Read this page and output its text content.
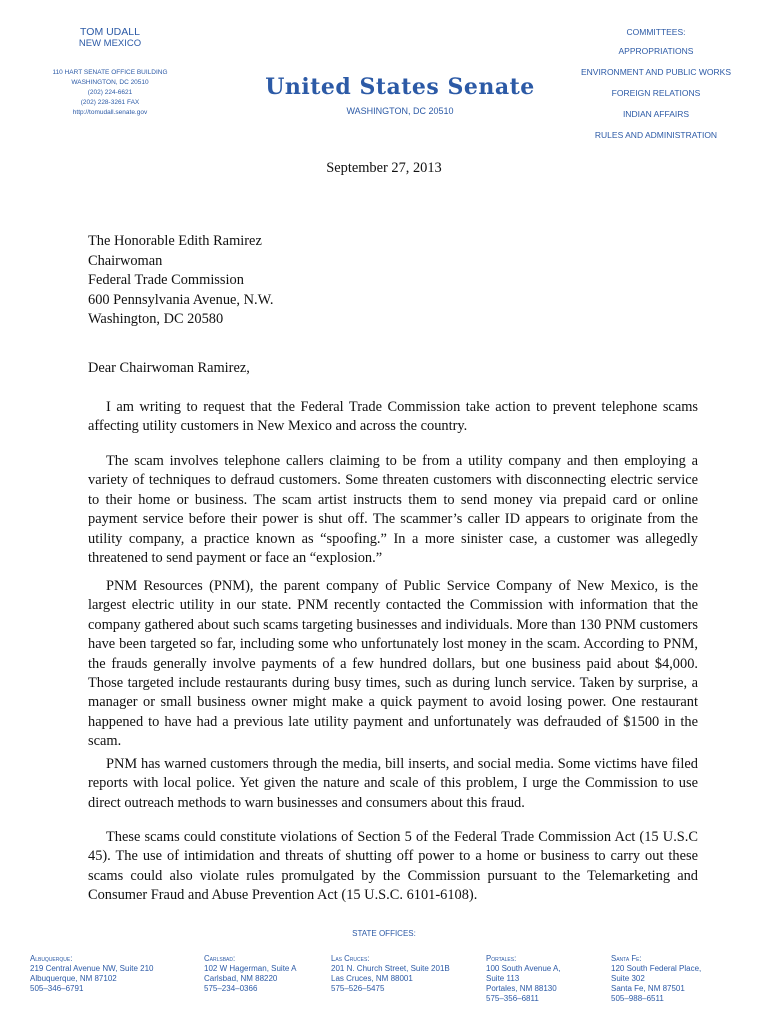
TOM UDALL
NEW MEXICO
110 HART SENATE OFFICE BUILDING
WASHINGTON, DC 20510
(202) 224-6621
(202) 228-3261 FAX
http://tomudall.senate.gov
United States Senate
WASHINGTON, DC 20510
COMMITTEES:
APPROPRIATIONS
ENVIRONMENT AND PUBLIC WORKS
FOREIGN RELATIONS
INDIAN AFFAIRS
RULES AND ADMINISTRATION
September 27, 2013
The Honorable Edith Ramirez
Chairwoman
Federal Trade Commission
600 Pennsylvania Avenue, N.W.
Washington, DC 20580
Dear Chairwoman Ramirez,
I am writing to request that the Federal Trade Commission take action to prevent telephone scams affecting utility customers in New Mexico and across the country.
The scam involves telephone callers claiming to be from a utility company and then employing a variety of techniques to defraud customers. Some threaten customers with disconnecting electric service to their home or business. The scam artist instructs them to send money via prepaid card or online payment service before their power is shut off. The scammer’s caller ID appears to originate from the utility company, a practice known as “spoofing.” In a more sinister case, a customer was allegedly threatened to send payment or face an “explosion.”
PNM Resources (PNM), the parent company of Public Service Company of New Mexico, is the largest electric utility in our state. PNM recently contacted the Commission with information that the company gathered about such scams targeting businesses and individuals. More than 130 PNM customers have been targeted so far, including some who unfortunately lost money in the scam. According to PNM, the frauds generally involve payments of a few hundred dollars, but one business paid about $4,000. Those targeted include restaurants during busy times, such as during lunch service. Taken by surprise, a manager or small business owner might make a quick payment to avoid losing power. One restaurant happened to have had a previous late utility payment and unfortunately was defrauded of $1500 in the scam.
PNM has warned customers through the media, bill inserts, and social media. Some victims have filed reports with local police. Yet given the nature and scale of this problem, I urge the Commission to use direct outreach methods to warn businesses and consumers about this fraud.
These scams could constitute violations of Section 5 of the Federal Trade Commission Act (15 U.S.C 45). The use of intimidation and threats of shutting off power to a home or business to carry out these scams could also violate rules promulgated by the Commission pursuant to the Telemarketing and Consumer Fraud and Abuse Prevention Act (15 U.S.C. 6101-6108).
STATE OFFICES:
Albuquerque:
219 Central Avenue NW, Suite 210
Albuquerque, NM 87102
505–346–6791
Carlsbad:
102 W Hagerman, Suite A
Carlsbad, NM 88220
575–234–0366
Las Cruces:
201 N. Church Street, Suite 201B
Las Cruces, NM 88001
575–526–5475
Portales:
100 South Avenue A,
Suite 113
Portales, NM 88130
575–356–6811
Santa Fe:
120 South Federal Place,
Suite 302
Santa Fe, NM 87501
505–988–6511
